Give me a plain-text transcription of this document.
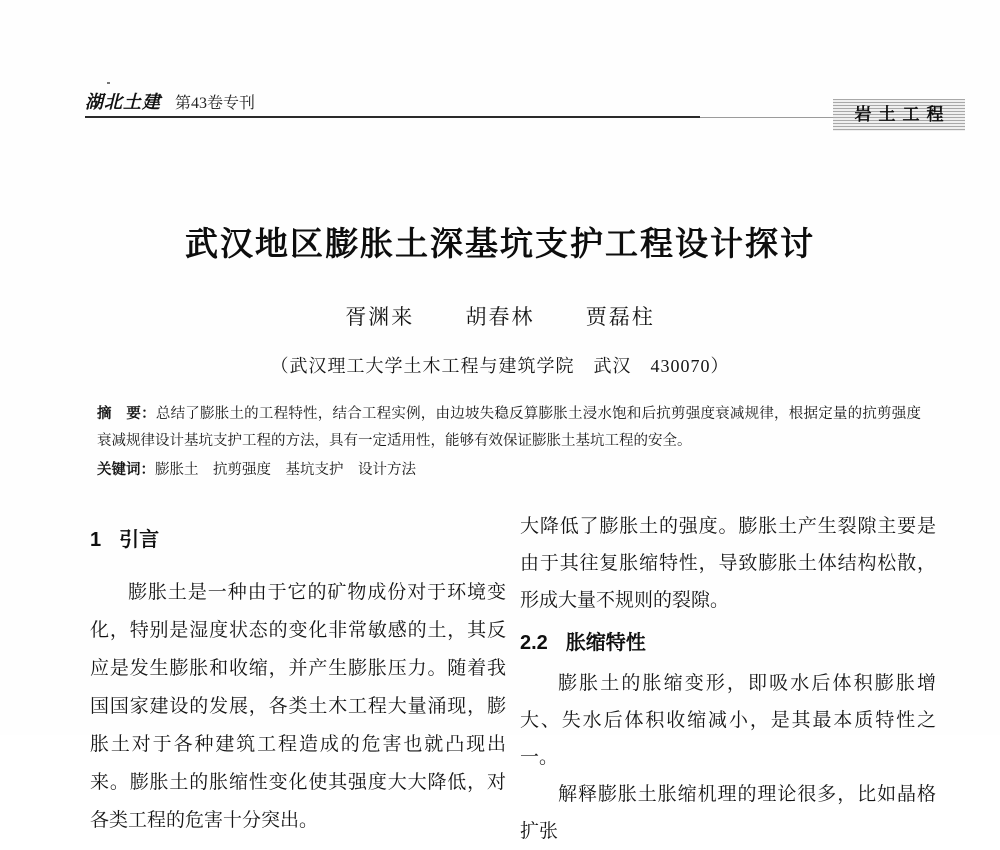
湖北土建 第43卷专刊
岩土工程
武汉地区膨胀土深基坑支护工程设计探讨
胥渊来 胡春林 贾磊柱
（武汉理工大学土木工程与建筑学院　武汉　430070）
摘　要：总结了膨胀土的工程特性，结合工程实例，由边坡失稳反算膨胀土浸水饱和后抗剪强度衰减规律，根据定量的抗剪强度衰减规律设计基坑支护工程的方法，具有一定适用性，能够有效保证膨胀土基坑工程的安全。
关键词：膨胀土　抗剪强度　基坑支护　设计方法
1 引言

膨胀土是一种由于它的矿物成份对于环境变化，特别是湿度状态的变化非常敏感的土，其反应是发生膨胀和收缩，并产生膨胀压力。随着我国国家建设的发展，各类土木工程大量涌现，膨胀土对于各种建筑工程造成的危害也就凸现出来。膨胀土的胀缩性变化使其强度大大降低，对各类工程的危害十分突出。

大降低了膨胀土的强度。膨胀土产生裂隙主要是由于其往复胀缩特性，导致膨胀土体结构松散，形成大量不规则的裂隙。

2.2 胀缩特性

膨胀土的胀缩变形，即吸水后体积膨胀增大、失水后体积收缩减小，是其最本质特性之一。

解释膨胀土胀缩机理的理论很多，比如晶格扩张
